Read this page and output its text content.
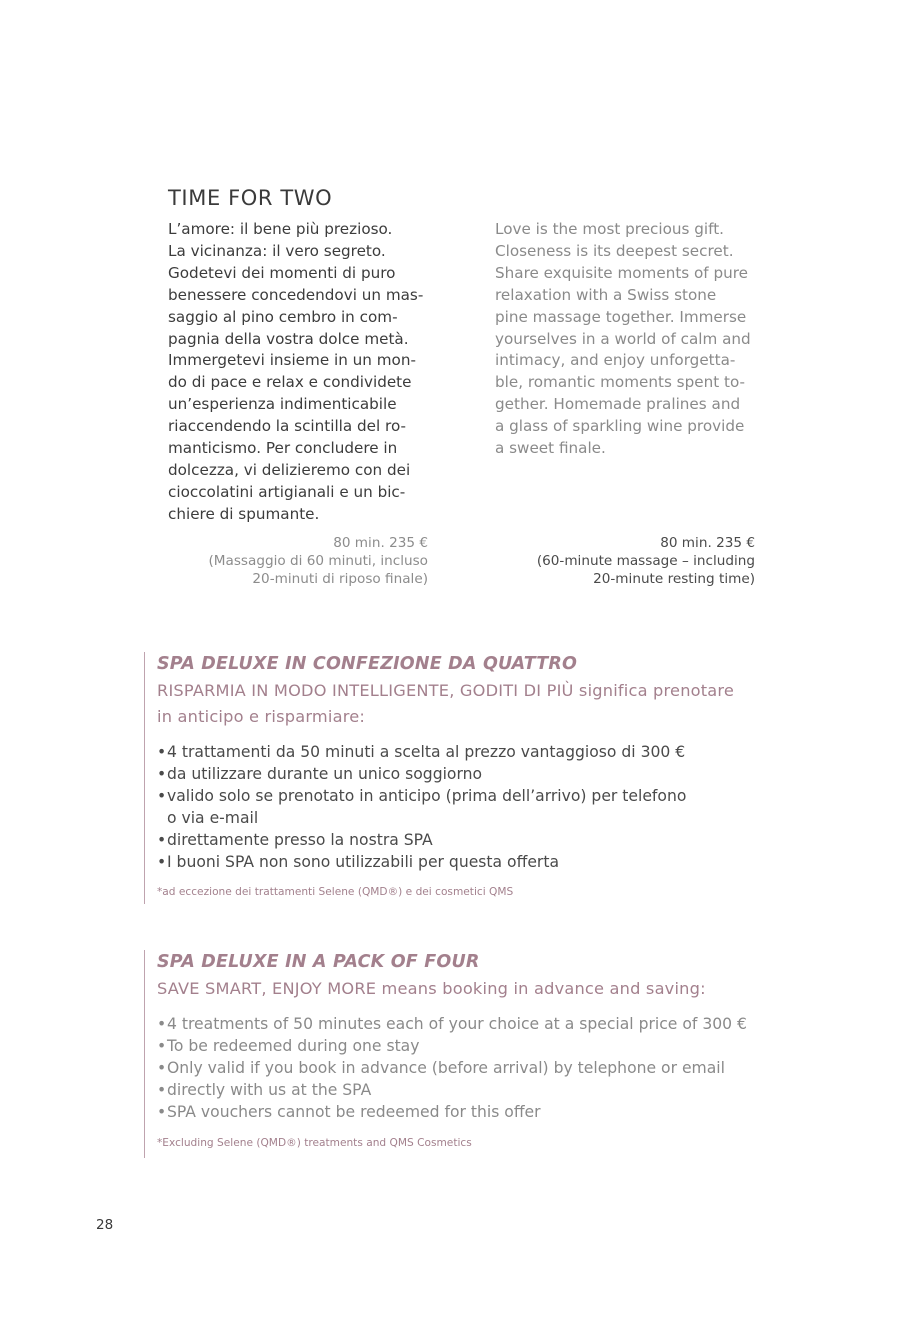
TIME FOR TWO
L’amore: il bene più prezioso.
La vicinanza: il vero segreto.
Godetevi dei momenti di puro
benessere concedendovi un mas-
saggio al pino cembro in com-
pagnia della vostra dolce metà.
Immergetevi insieme in un mon-
do di pace e relax e condividete
un’esperienza indimenticabile
riaccendendo la scintilla del ro-
manticismo. Per concludere in
dolcezza, vi delizieremo con dei
cioccolatini artigianali e un bic-
chiere di spumante.
Love is the most precious gift.
Closeness is its deepest secret.
Share exquisite moments of pure
relaxation with a Swiss stone
pine massage together. Immerse
yourselves in a world of calm and
intimacy, and enjoy unforgetta-
ble, romantic moments spent to-
gether. Homemade pralines and
a glass of sparkling wine provide
a sweet finale.
80 min. 235 €
(Massaggio di 60 minuti, incluso
20-minuti di riposo finale)
80 min. 235 €
(60-minute massage – including
20-minute resting time)

SPA DELUXE IN CONFEZIONE DA QUATTRO

RISPARMIA IN MODO INTELLIGENTE, GODITI DI PIÙ significa prenotare
in anticipo e risparmiare:

•4 trattamenti da 50 minuti a scelta al prezzo vantaggioso di 300 €
•da utilizzare durante un unico soggiorno
•valido solo se prenotato in anticipo (prima dell’arrivo) per telefono
o via e-mail
•direttamente presso la nostra SPA
•I buoni SPA non sono utilizzabili per questa offerta

*ad eccezione dei trattamenti Selene (QMD®) e dei cosmetici QMS

SPA DELUXE IN A PACK OF FOUR

SAVE SMART, ENJOY MORE means booking in advance and saving:

•4 treatments of 50 minutes each of your choice at a special price of 300 €
•To be redeemed during one stay
•Only valid if you book in advance (before arrival) by telephone or email
•directly with us at the SPA
•SPA vouchers cannot be redeemed for this offer

*Excluding Selene (QMD®) treatments and QMS Cosmetics

28
